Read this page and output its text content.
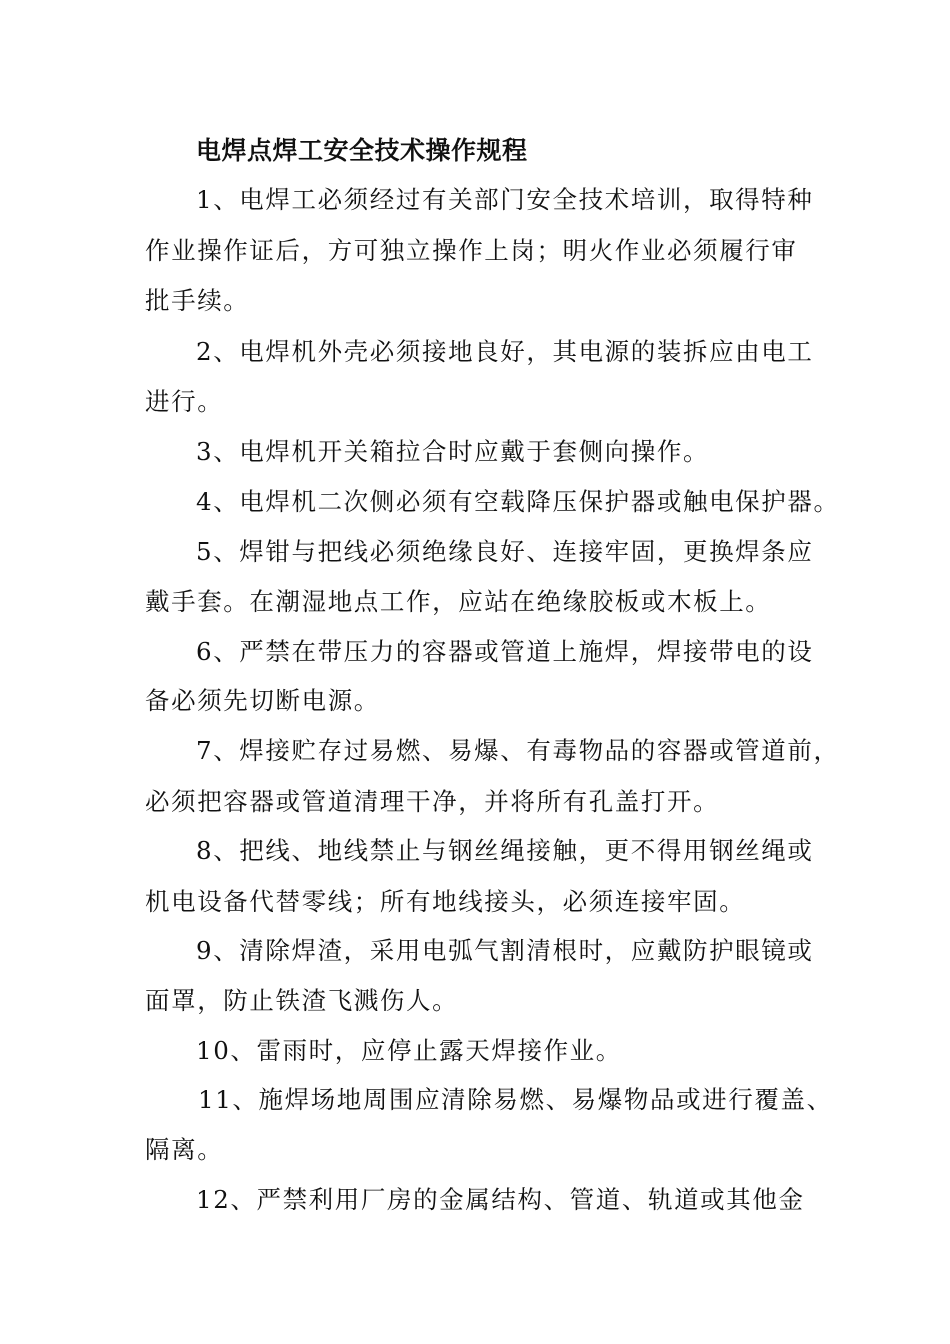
电焊点焊工安全技术操作规程
1、电焊工必须经过有关部门安全技术培训，取得特种
作业操作证后，方可独立操作上岗；明火作业必须履行审
批手续。
2、电焊机外壳必须接地良好，其电源的装拆应由电工
进行。
3、电焊机开关箱拉合时应戴于套侧向操作。
4、电焊机二次侧必须有空载降压保护器或触电保护器。
5、焊钳与把线必须绝缘良好、连接牢固，更换焊条应
戴手套。在潮湿地点工作，应站在绝缘胶板或木板上。
6、严禁在带压力的容器或管道上施焊，焊接带电的设
备必须先切断电源。
7、焊接贮存过易燃、易爆、有毒物品的容器或管道前，
必须把容器或管道清理干净，并将所有孔盖打开。
8、把线、地线禁止与钢丝绳接触，更不得用钢丝绳或
机电设备代替零线；所有地线接头，必须连接牢固。
9、清除焊渣，采用电弧气割清根时，应戴防护眼镜或
面罩，防止铁渣飞溅伤人。
10、雷雨时，应停止露天焊接作业。
11、施焊场地周围应清除易燃、易爆物品或进行覆盖、
隔离。
12、严禁利用厂房的金属结构、管道、轨道或其他金
